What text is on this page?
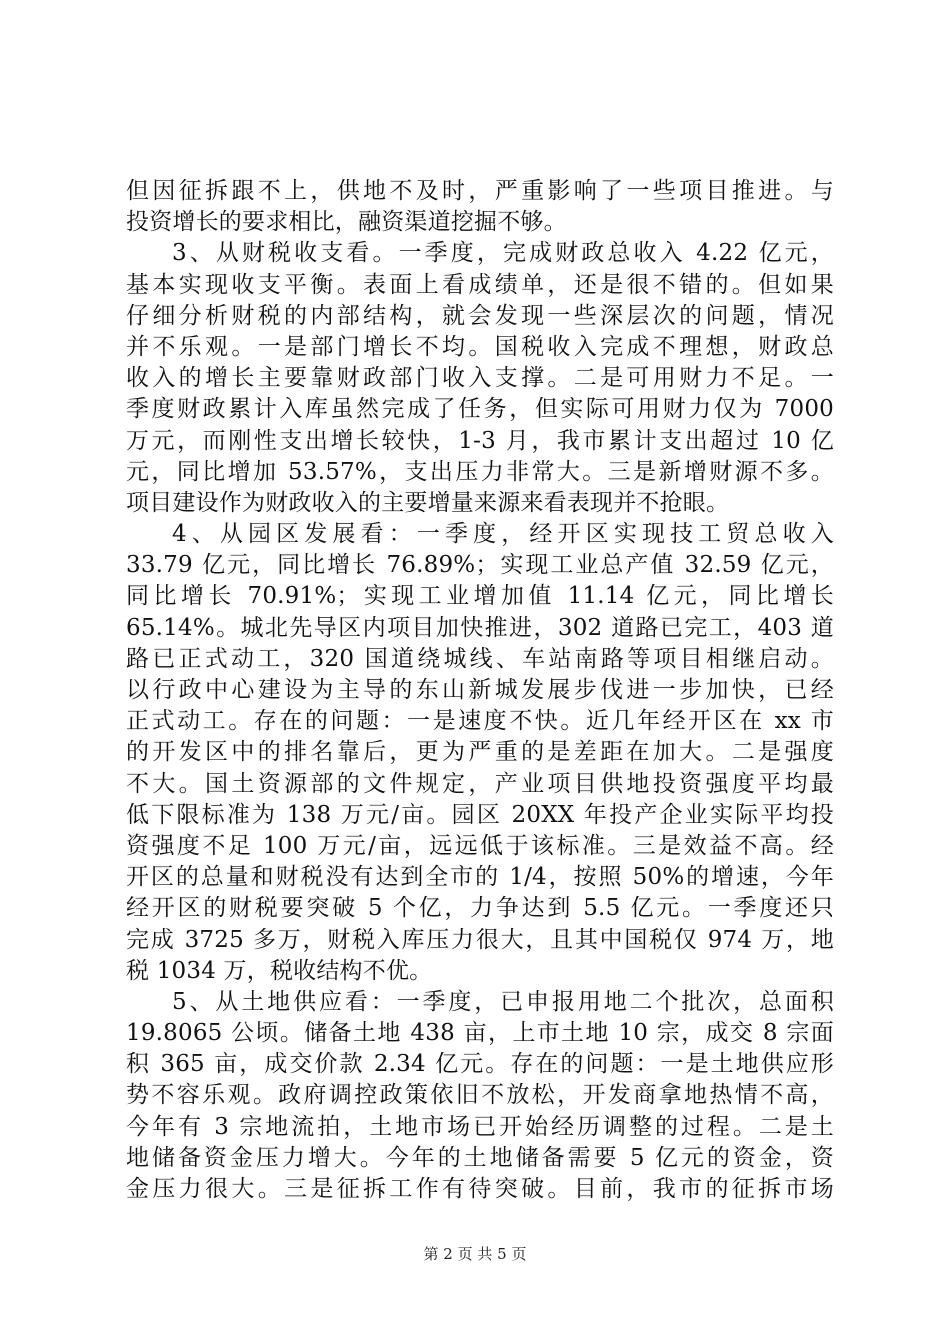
但因征拆跟不上，供地不及时，严重影响了一些项目推进。与
投资增长的要求相比，融资渠道挖掘不够。
3、从财税收支看。一季度，完成财政总收入 4.22 亿元，
基本实现收支平衡。表面上看成绩单，还是很不错的。但如果
仔细分析财税的内部结构，就会发现一些深层次的问题，情况
并不乐观。一是部门增长不均。国税收入完成不理想，财政总
收入的增长主要靠财政部门收入支撑。二是可用财力不足。一
季度财政累计入库虽然完成了任务，但实际可用财力仅为 7000
万元，而刚性支出增长较快，1-3 月，我市累计支出超过 10 亿
元，同比增加 53.57%，支出压力非常大。三是新增财源不多。
项目建设作为财政收入的主要增量来源来看表现并不抢眼。
4、从园区发展看：一季度，经开区实现技工贸总收入
33.79 亿元，同比增长 76.89%；实现工业总产值 32.59 亿元，
同比增长 70.91%；实现工业增加值 11.14 亿元，同比增长
65.14%。城北先导区内项目加快推进，302 道路已完工，403 道
路已正式动工，320 国道绕城线、车站南路等项目相继启动。
以行政中心建设为主导的东山新城发展步伐进一步加快，已经
正式动工。存在的问题：一是速度不快。近几年经开区在 xx 市
的开发区中的排名靠后，更为严重的是差距在加大。二是强度
不大。国土资源部的文件规定，产业项目供地投资强度平均最
低下限标准为 138 万元/亩。园区 20XX 年投产企业实际平均投
资强度不足 100 万元/亩，远远低于该标准。三是效益不高。经
开区的总量和财税没有达到全市的 1/4，按照 50%的增速，今年
经开区的财税要突破 5 个亿，力争达到 5.5 亿元。一季度还只
完成 3725 多万，财税入库压力很大，且其中国税仅 974 万，地
税 1034 万，税收结构不优。
5、从土地供应看：一季度，已申报用地二个批次，总面积
19.8065 公顷。储备土地 438 亩，上市土地 10 宗，成交 8 宗面
积 365 亩，成交价款 2.34 亿元。存在的问题：一是土地供应形
势不容乐观。政府调控政策依旧不放松，开发商拿地热情不高，
今年有 3 宗地流拍，土地市场已开始经历调整的过程。二是土
地储备资金压力增大。今年的土地储备需要 5 亿元的资金，资
金压力很大。三是征拆工作有待突破。目前，我市的征拆市场
第 2 页 共 5 页
